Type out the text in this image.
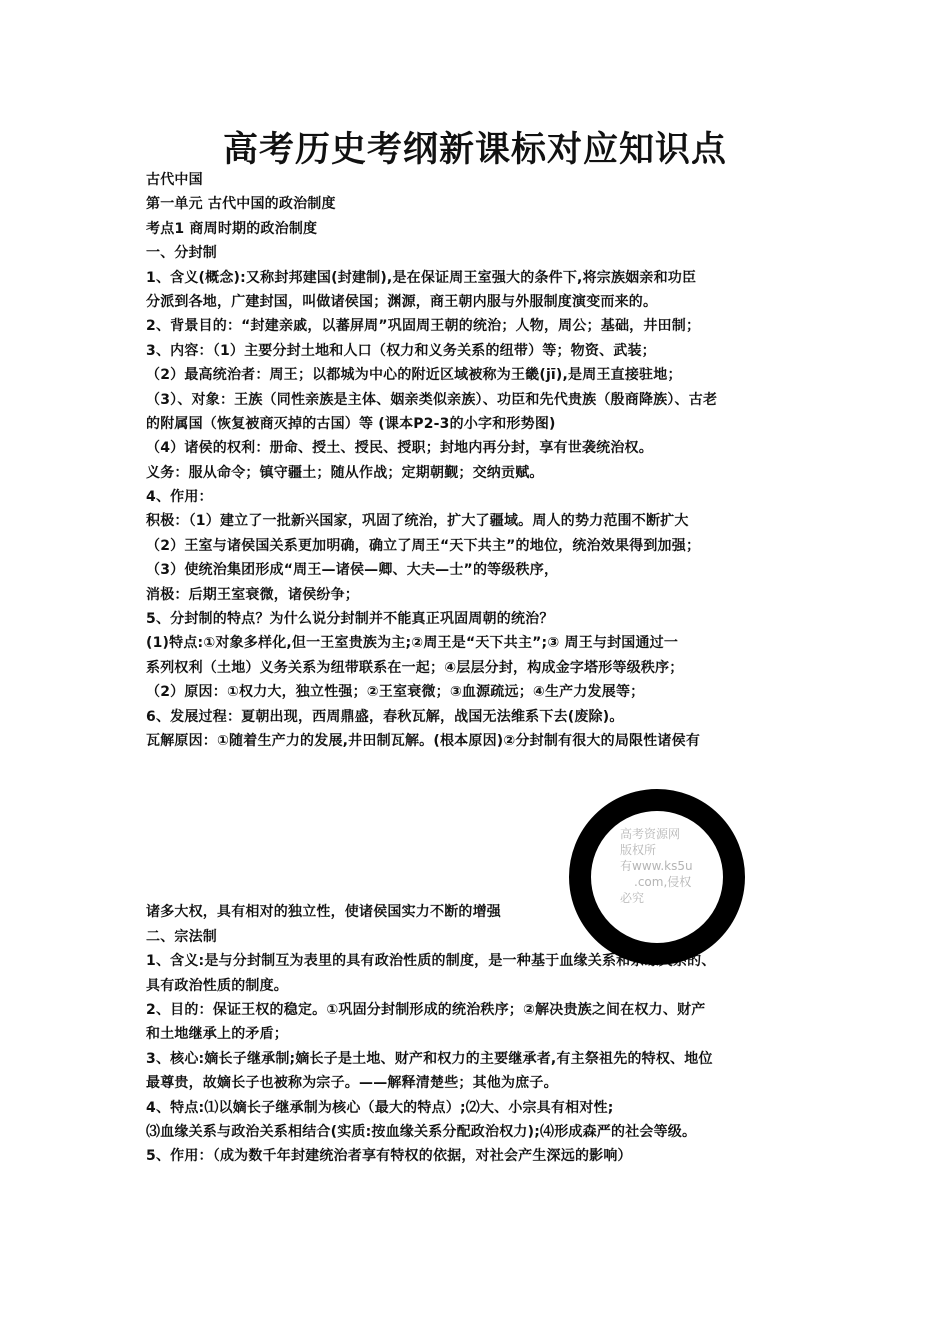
高考历史考纲新课标对应知识点
古代中国
第一单元 古代中国的政治制度
考点1 商周时期的政治制度
一、分封制
1、含义(概念):又称封邦建国(封建制),是在保证周王室强大的条件下,将宗族姻亲和功臣
分派到各地，广建封国，叫做诸侯国；渊源，商王朝内服与外服制度演变而来的。
2、背景目的：“封建亲戚，以蕃屏周”巩固周王朝的统治；人物，周公；基础，井田制；
3、内容：（1）主要分封土地和人口（权力和义务关系的纽带）等；物资、武装；
（2）最高统治者：周王；以都城为中心的附近区域被称为王畿(jī),是周王直接驻地；
（3）、对象：王族（同性亲族是主体、姻亲类似亲族）、功臣和先代贵族（殷商降族）、古老
的附属国（恢复被商灭掉的古国）等 (课本P2-3的小字和形势图)
（4）诸侯的权利：册命、授土、授民、授职；封地内再分封，享有世袭统治权。
义务：服从命令；镇守疆土；随从作战；定期朝觐；交纳贡赋。
4、作用：
积极：（1）建立了一批新兴国家，巩固了统治，扩大了疆域。周人的势力范围不断扩大
（2）王室与诸侯国关系更加明确，确立了周王“天下共主”的地位，统治效果得到加强；
（3）使统治集团形成“周王—诸侯—卿、大夫—士”的等级秩序，
消极：后期王室衰微，诸侯纷争；
5、分封制的特点？为什么说分封制并不能真正巩固周朝的统治？
(1)特点:①对象多样化,但一王室贵族为主;②周王是“天下共主”;③ 周王与封国通过一
系列权利（土地）义务关系为纽带联系在一起；④层层分封，构成金字塔形等级秩序；
（2）原因：①权力大，独立性强；②王室衰微；③血源疏远；④生产力发展等；
6、发展过程：夏朝出现，西周鼎盛，春秋瓦解，战国无法维系下去(废除)。
瓦解原因：①随着生产力的发展,井田制瓦解。(根本原因)②分封制有很大的局限性诸侯有
诸多大权，具有相对的独立性，使诸侯国实力不断的增强
二、宗法制
1、含义:是与分封制互为表里的具有政治性质的制度，是一种基于血缘关系和亲缘关系的、
具有政治性质的制度。
2、目的：保证王权的稳定。①巩固分封制形成的统治秩序；②解决贵族之间在权力、财产
和土地继承上的矛盾；
3、核心:嫡长子继承制;嫡长子是土地、财产和权力的主要继承者,有主祭祖先的特权、地位
最尊贵，故嫡长子也被称为宗子。——解释清楚些；其他为庶子。
4、特点:⑴以嫡长子继承制为核心（最大的特点）;⑵大、小宗具有相对性;
⑶血缘关系与政治关系相结合(实质:按血缘关系分配政治权力);⑷形成森严的社会等级。
5、作用：（成为数千年封建统治者享有特权的依据，对社会产生深远的影响）
高考资源网
版权所
有www.ks5u
.com,侵权
必究
